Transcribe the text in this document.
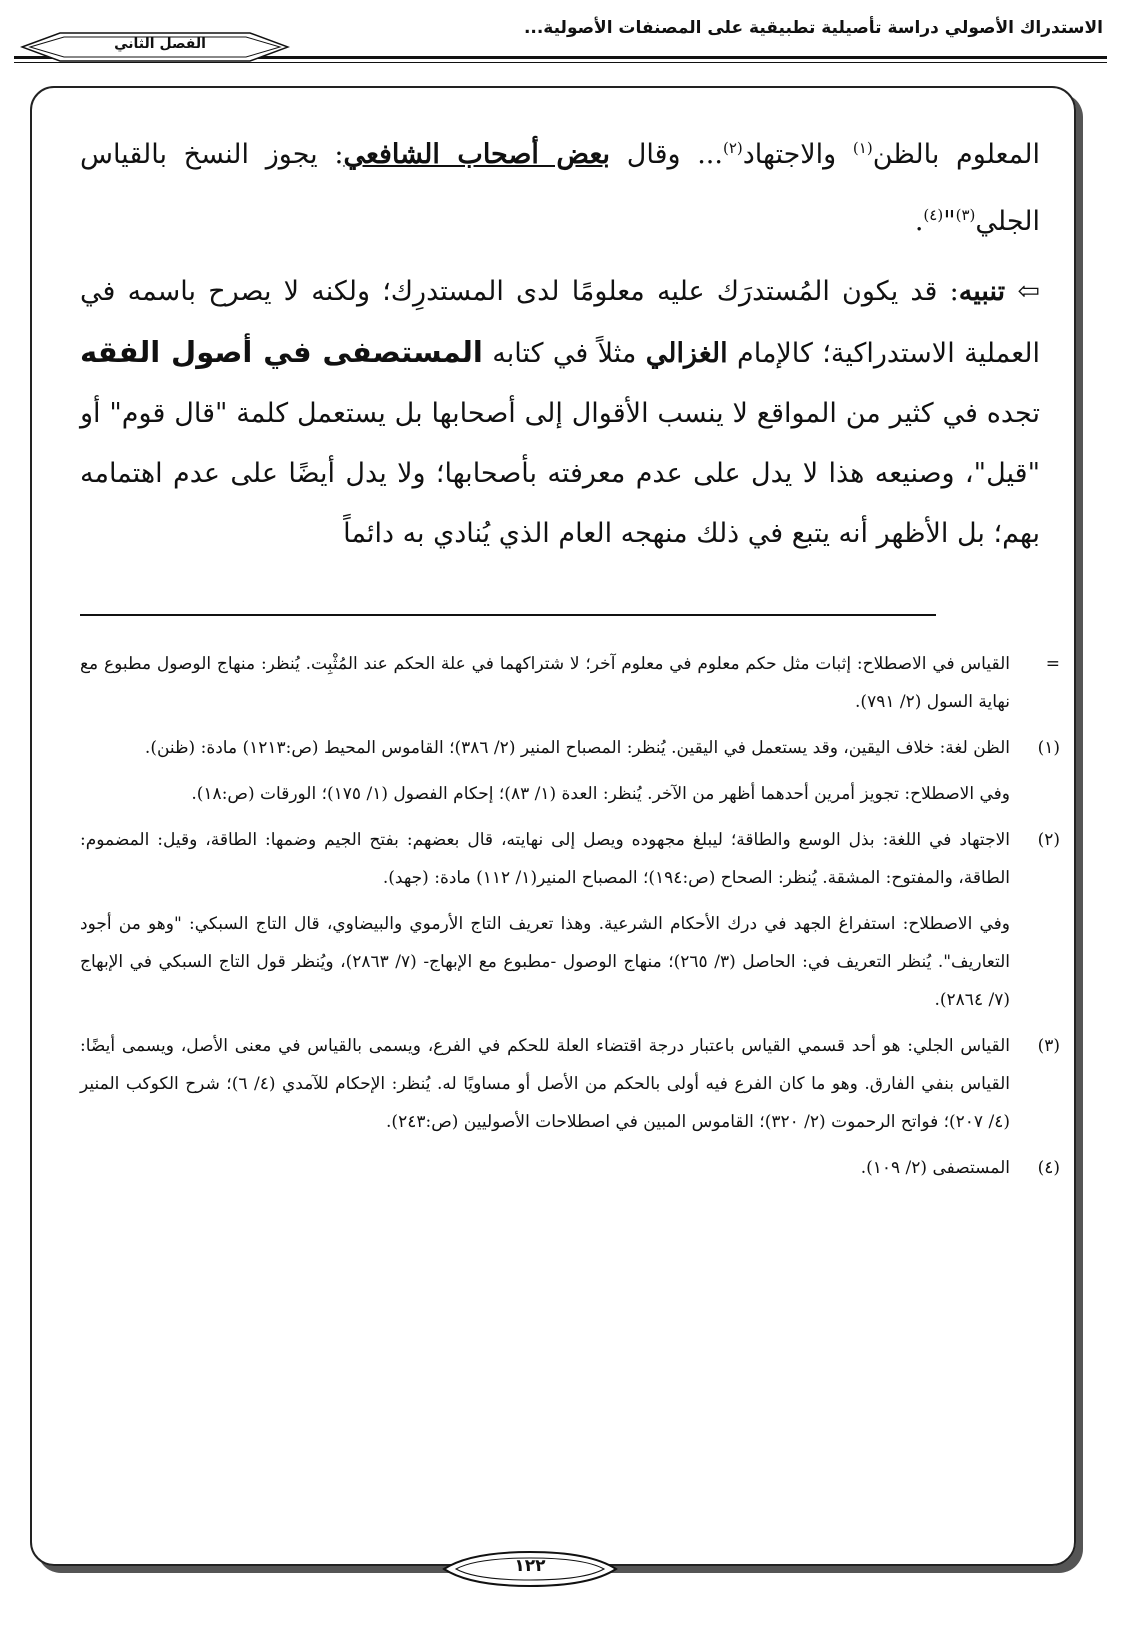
الاستدراك الأصولي دراسة تأصيلية تطبيقية على المصنفات الأصولية...
الفصل الثاني

المعلوم بالظن$^{(١)}$ والاجتهاد$^{(٢)}$... وقال بعض أصحاب الشافعي: يجوز النسخ بالقياس الجلي$^{(٣)}$"$^{(٤)}$.

⇦ تنبيه: قد يكون المُستدرَك عليه معلومًا لدى المستدرِك؛ ولكنه لا يصرح باسمه في العملية الاستدراكية؛ كالإمام الغزالي مثلاً في كتابه المستصفى في أصول الفقه تجده في كثير من المواقع لا ينسب الأقوال إلى أصحابها بل يستعمل كلمة "قال قوم" أو "قيل"، وصنيعه هذا لا يدل على عدم معرفته بأصحابها؛ ولا يدل أيضًا على عدم اهتمامه بهم؛ بل الأظهر أنه يتبع في ذلك منهجه العام الذي يُنادي به دائماً

=

القياس في الاصطلاح: إثبات مثل حكم معلوم في معلوم آخر؛ لا شتراكهما في علة الحكم عند المُثْبِت. يُنظر: منهاج الوصول مطبوع مع نهاية السول (٢/ ٧٩١).

(١)

الظن لغة: خلاف اليقين، وقد يستعمل في اليقين. يُنظر: المصباح المنير (٢/ ٣٨٦)؛ القاموس المحيط (ص:١٢١٣) مادة: (ظنن).

وفي الاصطلاح: تجويز أمرين أحدهما أظهر من الآخر. يُنظر: العدة (١/ ٨٣)؛ إحكام الفصول (١/ ١٧٥)؛ الورقات (ص:١٨).

(٢)

الاجتهاد في اللغة: بذل الوسع والطاقة؛ ليبلغ مجهوده ويصل إلى نهايته، قال بعضهم: بفتح الجيم وضمها: الطاقة، وقيل: المضموم: الطاقة، والمفتوح: المشقة. يُنظر: الصحاح (ص:١٩٤)؛ المصباح المنير(١/ ١١٢) مادة: (جهد).

وفي الاصطلاح: استفراغ الجهد في درك الأحكام الشرعية. وهذا تعريف التاج الأرموي والبيضاوي، قال التاج السبكي: "وهو من أجود التعاريف". يُنظر التعريف في: الحاصل (٣/ ٢٦٥)؛ منهاج الوصول -مطبوع مع الإبهاج- (٧/ ٢٨٦٣)، ويُنظر قول التاج السبكي في الإبهاج (٧/ ٢٨٦٤).

(٣)

القياس الجلي: هو أحد قسمي القياس باعتبار درجة اقتضاء العلة للحكم في الفرع، ويسمى بالقياس في معنى الأصل، ويسمى أيضًا: القياس بنفي الفارق. وهو ما كان الفرع فيه أولى بالحكم من الأصل أو مساويًا له. يُنظر: الإحكام للآمدي (٤/ ٦)؛ شرح الكوكب المنير (٤/ ٢٠٧)؛ فواتح الرحموت (٢/ ٣٢٠)؛ القاموس المبين في اصطلاحات الأصوليين (ص:٢٤٣).

(٤)

المستصفى (٢/ ١٠٩).

١٢٢
